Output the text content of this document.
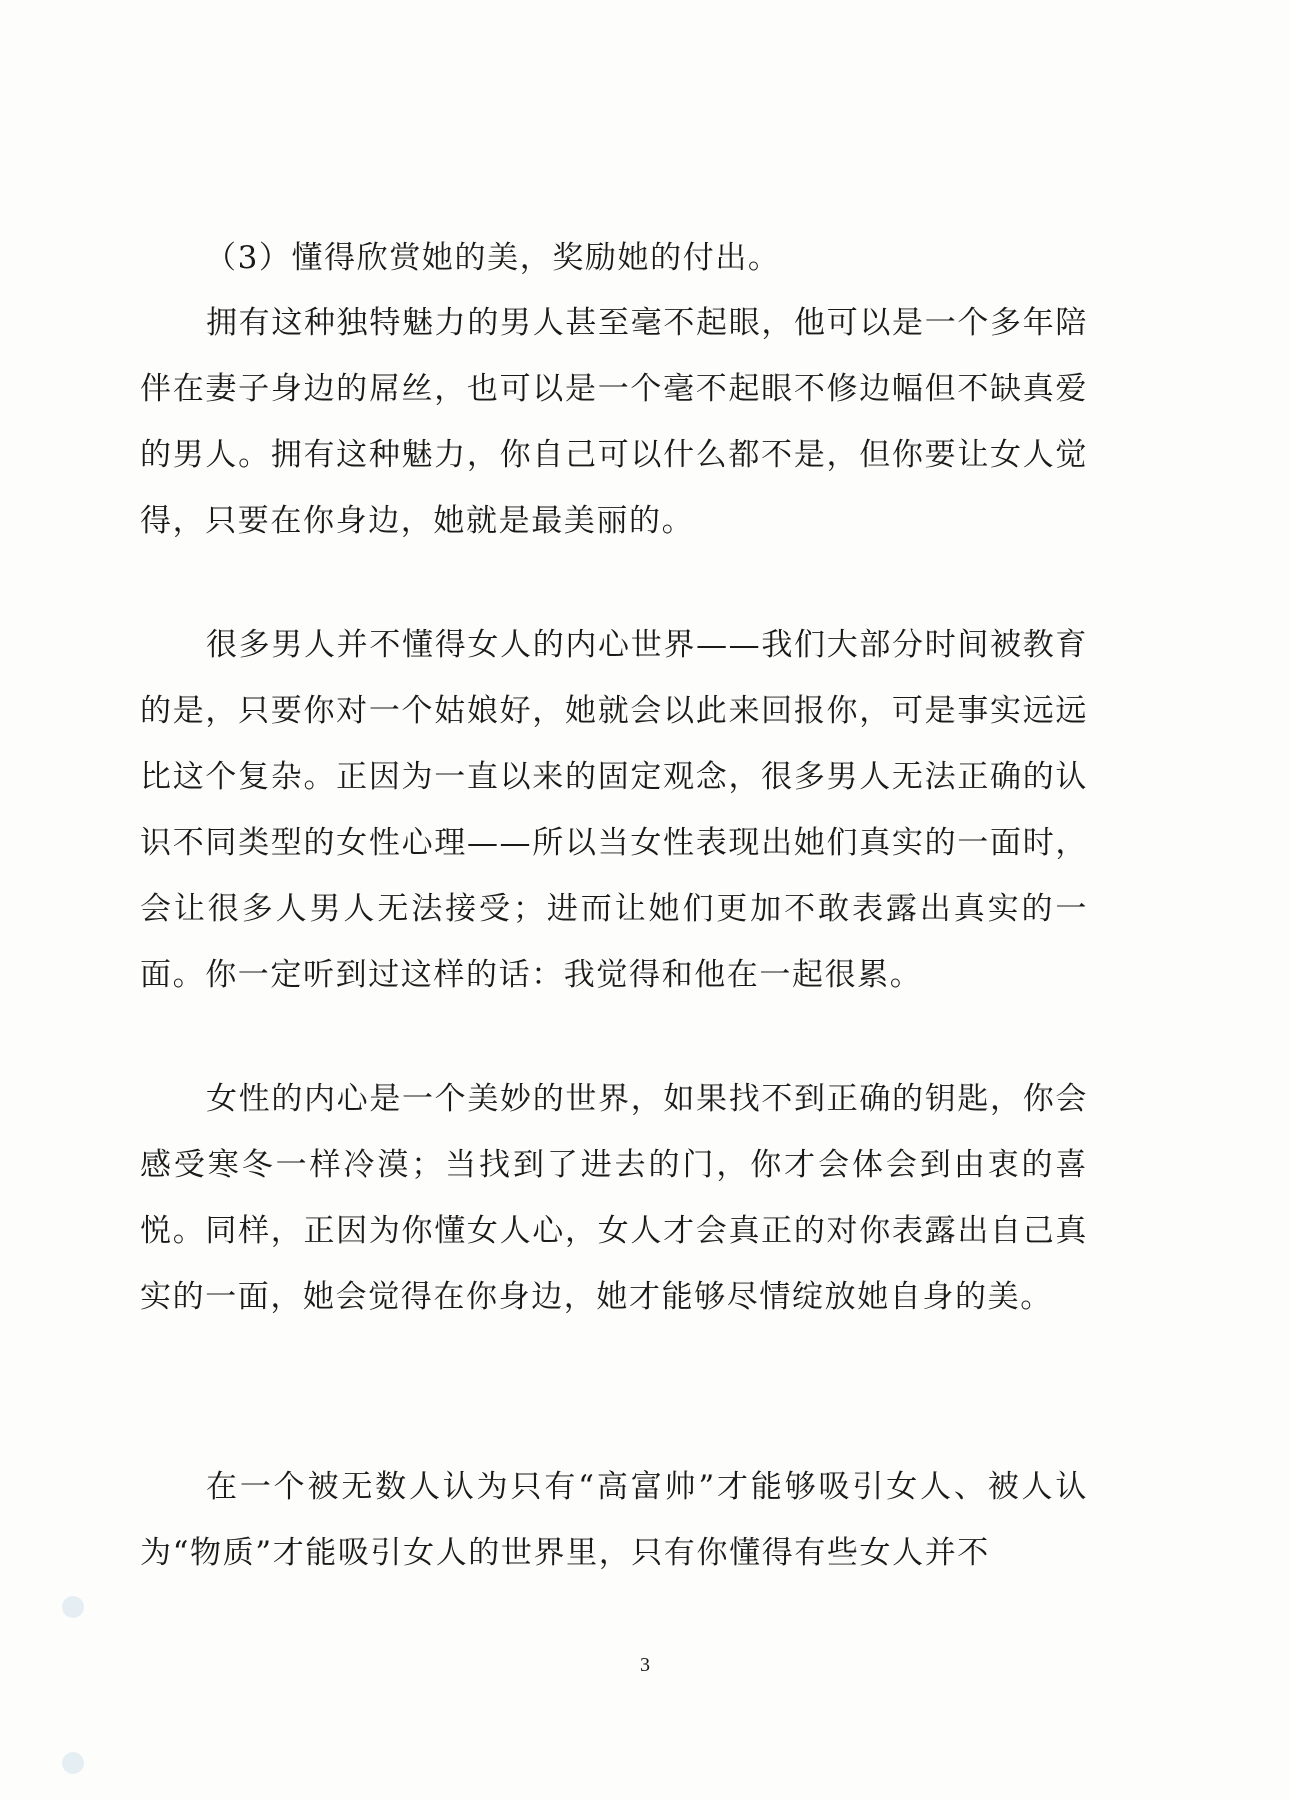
（3）懂得欣赏她的美，奖励她的付出。

拥有这种独特魅力的男人甚至毫不起眼，他可以是一个多年陪伴在妻子身边的屌丝，也可以是一个毫不起眼不修边幅但不缺真爱的男人。拥有这种魅力，你自己可以什么都不是，但你要让女人觉得，只要在你身边，她就是最美丽的。

很多男人并不懂得女人的内心世界——我们大部分时间被教育的是，只要你对一个姑娘好，她就会以此来回报你，可是事实远远比这个复杂。正因为一直以来的固定观念，很多男人无法正确的认识不同类型的女性心理——所以当女性表现出她们真实的一面时，会让很多人男人无法接受；进而让她们更加不敢表露出真实的一面。你一定听到过这样的话：我觉得和他在一起很累。

女性的内心是一个美妙的世界，如果找不到正确的钥匙，你会感受寒冬一样冷漠；当找到了进去的门，你才会体会到由衷的喜悦。同样，正因为你懂女人心，女人才会真正的对你表露出自己真实的一面，她会觉得在你身边，她才能够尽情绽放她自身的美。

在一个被无数人认为只有“高富帅”才能够吸引女人、被人认为“物质”才能吸引女人的世界里，只有你懂得有些女人并不

3
